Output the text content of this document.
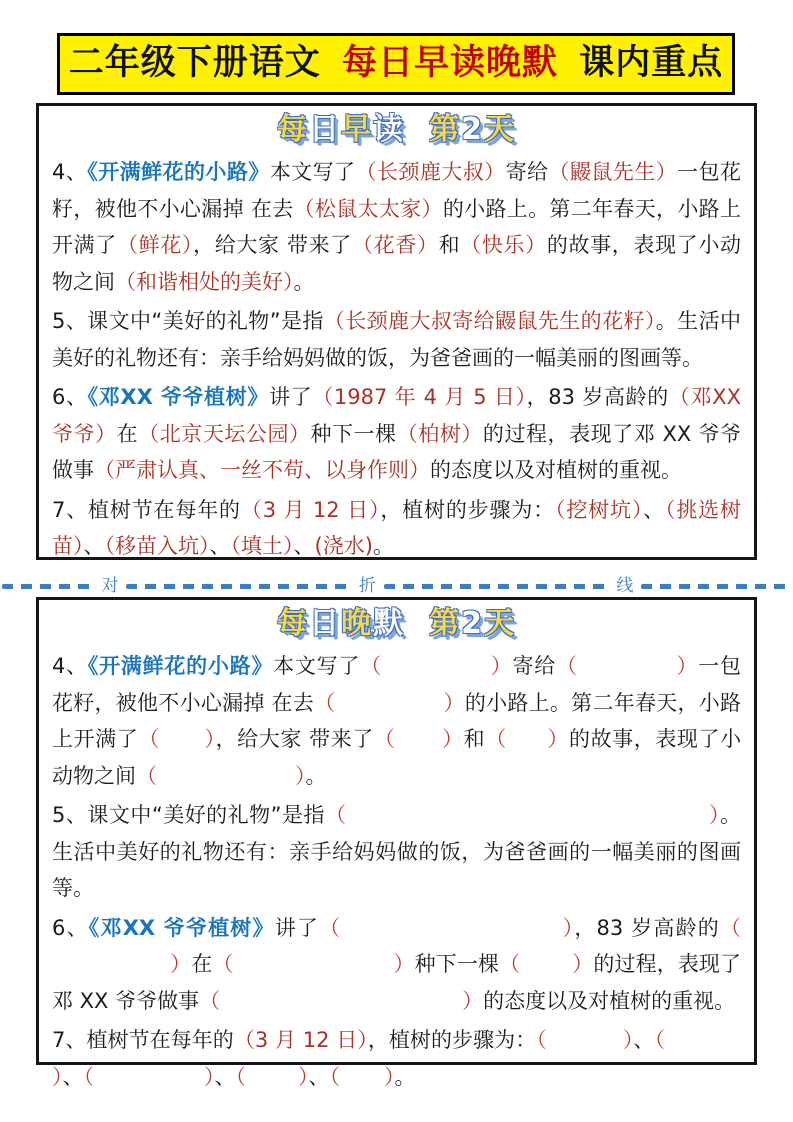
二年级下册语文 每日早读晚默 课内重点
每日早读 第2天

4、《开满鲜花的小路》本文写了（长颈鹿大叔）寄给（鼹鼠先生）一包花籽，被他不小心漏掉 在去（松鼠太太家）的小路上。第二年春天，小路上开满了（鲜花），给大家 带来了（花香）和（快乐）的故事，表现了小动物之间（和谐相处的美好）。

5、课文中“美好的礼物”是指（长颈鹿大叔寄给鼹鼠先生的花籽）。生活中美好的礼物还有：亲手给妈妈做的饭，为爸爸画的一幅美丽的图画等。

6、《邓XX 爷爷植树》讲了（1987 年 4 月 5 日），83 岁高龄的（邓XX 爷爷）在（北京天坛公园）种下一棵（柏树）的过程，表现了邓 XX 爷爷做事（严肃认真、一丝不苟、以身作则）的态度以及对植树的重视。

7、植树节在每年的（3 月 12 日），植树的步骤为：（挖树坑）、（挑选树苗）、（移苗入坑）、（填土）、(浇水)。

对	折	线
每日晚默 第2天

4、《开满鲜花的小路》本文写了（	）寄给（	）一包花籽，被他不小心漏掉 在去（	）的小路上。第二年春天，小路上开满了（ ），给大家 带来了（ ）和（ ）的故事，表现了小动物之间（	）。

5、课文中“美好的礼物”是指（	）。生活中美好的礼物还有：亲手给妈妈做的饭，为爸爸画的一幅美丽的图画等。

6、《邓XX 爷爷植树》讲了（	），83 岁高龄的（）在（	）种下一棵（ ）的过程，表现了邓 XX 爷爷做事（	）的态度以及对植树的重视。

7、植树节在每年的（3 月 12 日），植树的步骤为：（	）、（）、（	）、（ ）、（ ）。
